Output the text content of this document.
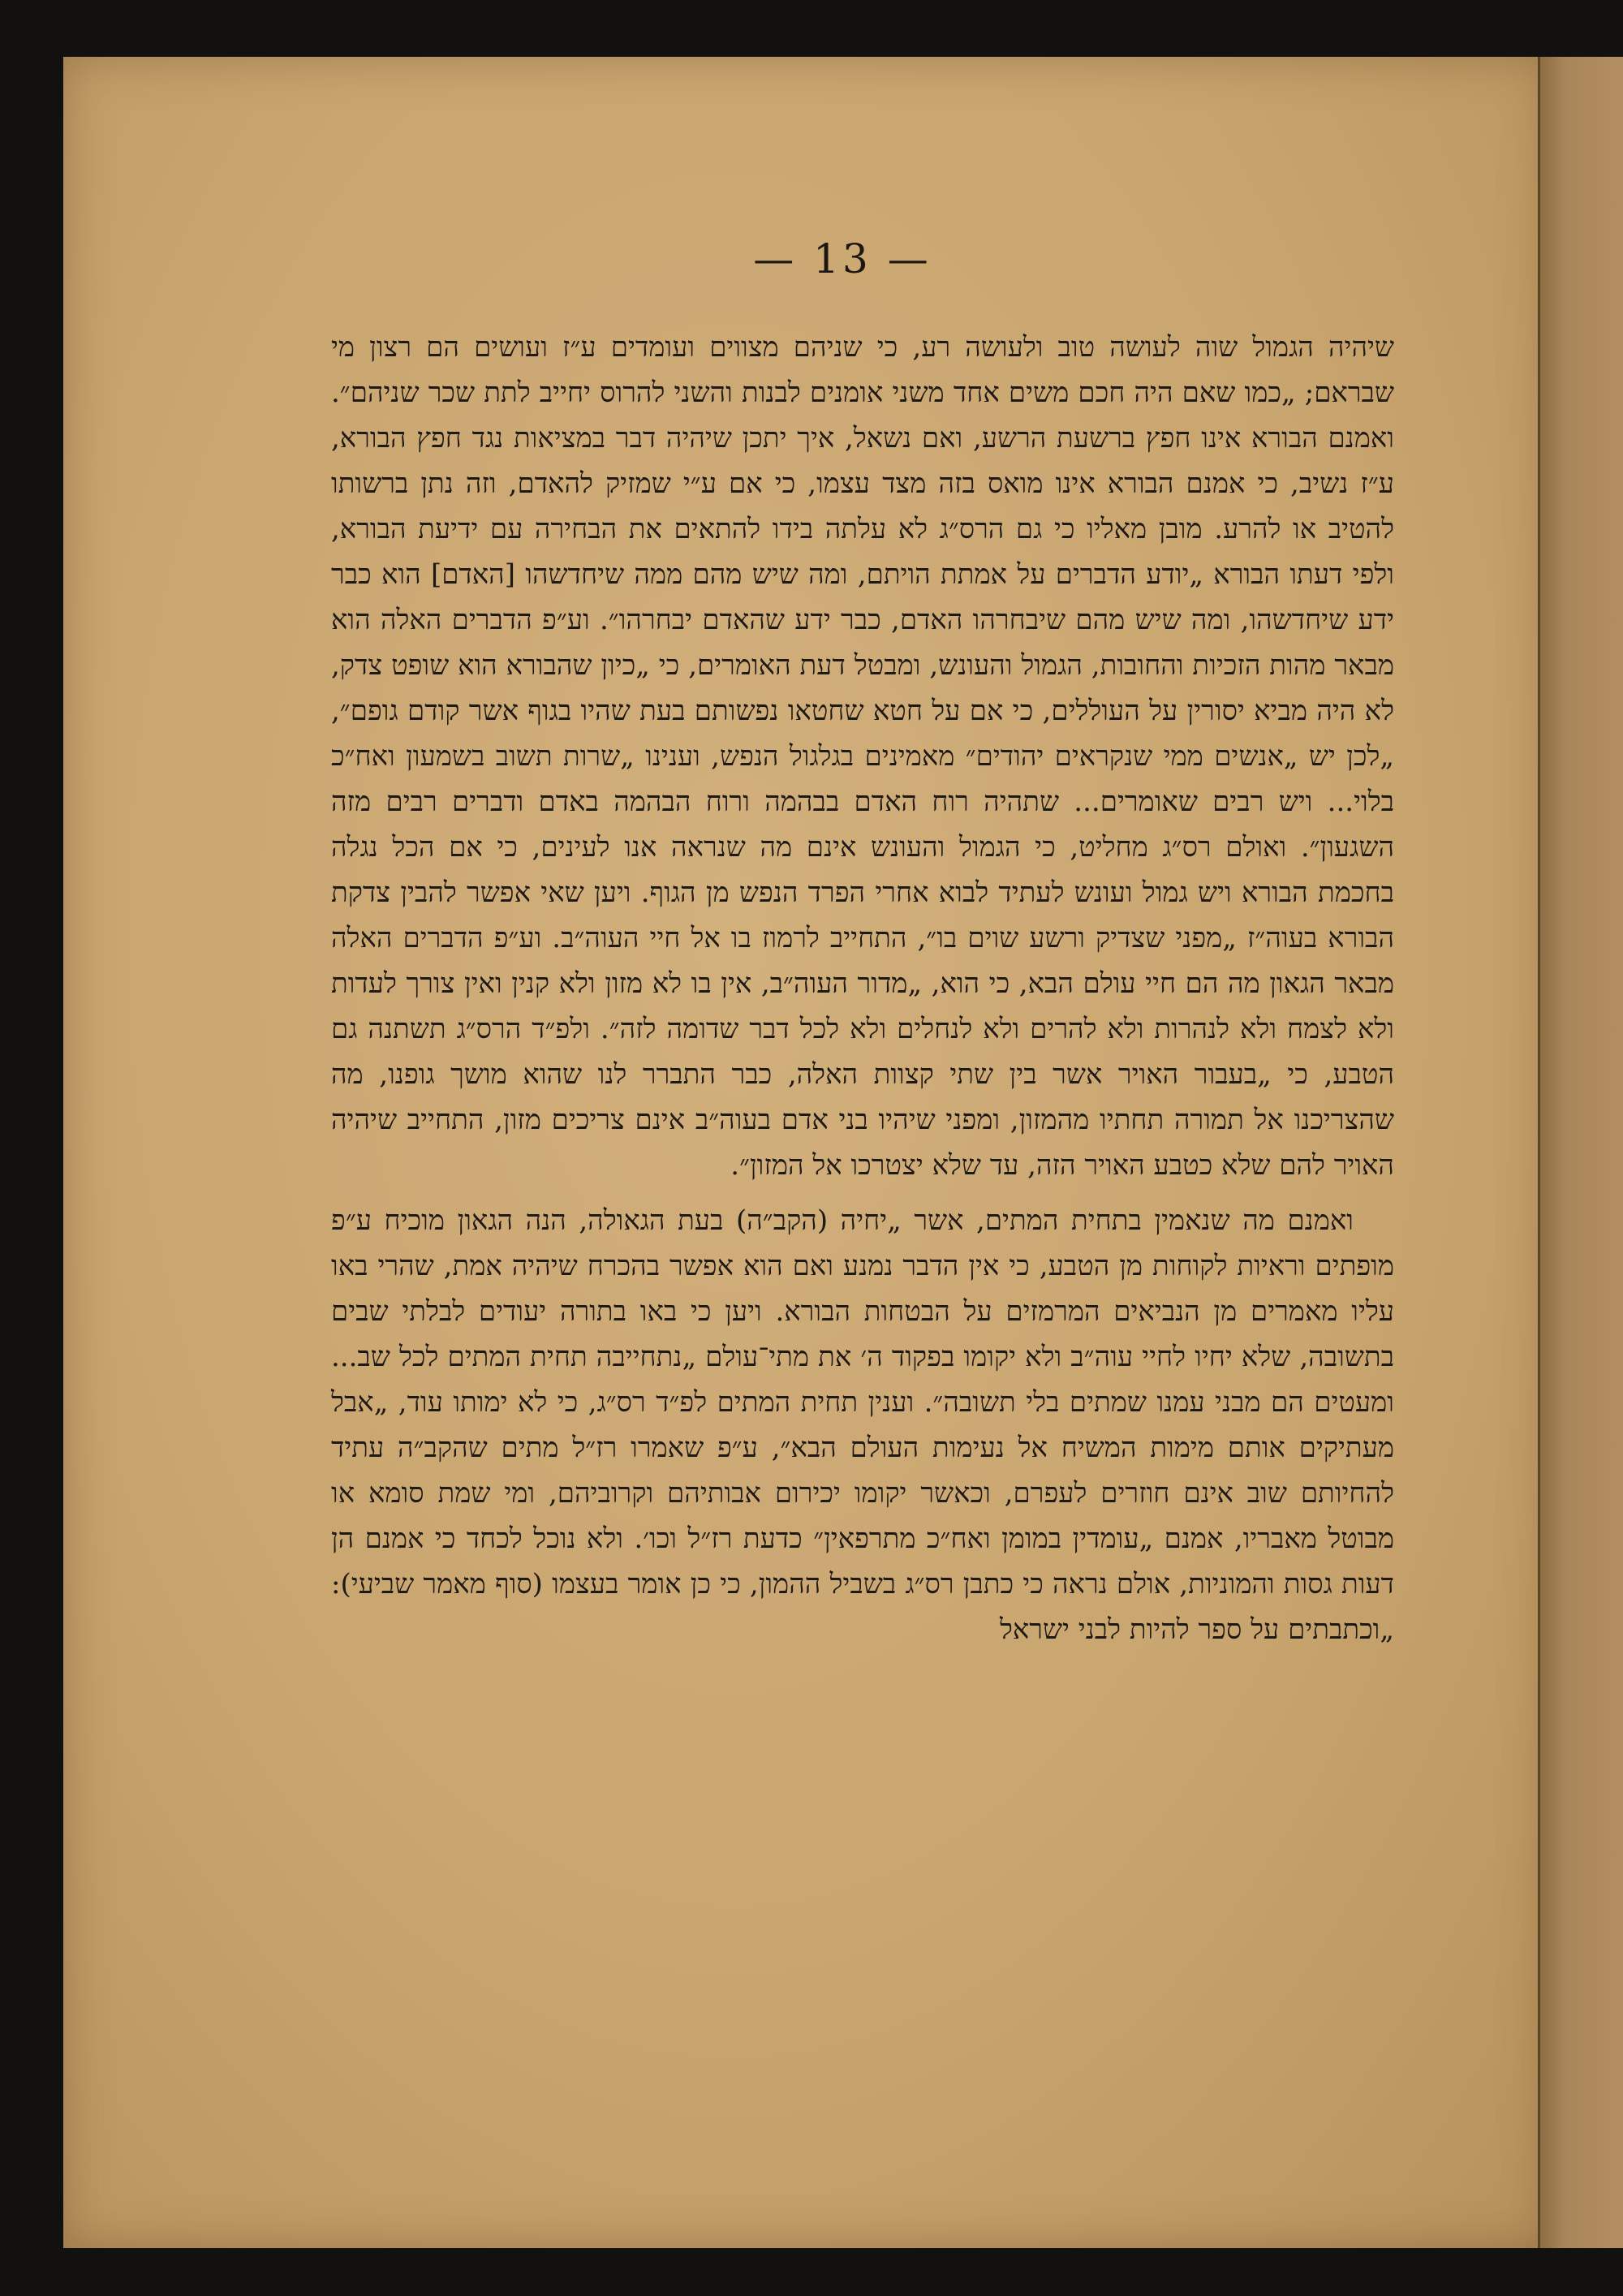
— 13 —

שיהיה הגמול שוה לעושה טוב ולעושה רע, כי שניהם מצווים ועומדים ע״ז ועושים הם רצון מי שבראם; „כמו שאם היה חכם משים אחד משני אומנים לבנות והשני להרוס יחייב לתת שכר שניהם״. ואמנם הבורא אינו חפץ ברשעת הרשע, ואם נשאל, איך יתכן שיהיה דבר במציאות נגד חפץ הבורא, ע״ז נשיב, כי אמנם הבורא אינו מואס בזה מצד עצמו, כי אם ע״י שמזיק להאדם, וזה נתן ברשותו להטיב או להרע. מובן מאליו כי גם הרס״ג לא עלתה בידו להתאים את הבחירה עם ידיעת הבורא, ולפי דעתו הבורא „יודע הדברים על אמתת הויתם, ומה שיש מהם ממה שיחדשהו [האדם] הוא כבר ידע שיחדשהו, ומה שיש מהם שיבחרהו האדם, כבר ידע שהאדם יבחרהו״. וע״פ הדברים האלה הוא מבאר מהות הזכיות והחובות, הגמול והעונש, ומבטל דעת האומרים, כי „כיון שהבורא הוא שופט צדק, לא היה מביא יסורין על העוללים, כי אם על חטא שחטאו נפשותם בעת שהיו בגוף אשר קודם גופם״, „לכן יש „אנשים ממי שנקראים יהודים״ מאמינים בגלגול הנפש, וענינו „שרות תשוב בשמעון ואח״כ בלוי... ויש רבים שאומרים... שתהיה רוח האדם בבהמה ורוח הבהמה באדם ודברים רבים מזה השגעון״. ואולם רס״ג מחליט, כי הגמול והעונש אינם מה שנראה אנו לעינים, כי אם הכל נגלה בחכמת הבורא ויש גמול ועונש לעתיד לבוא אחרי הפרד הנפש מן הגוף. ויען שאי אפשר להבין צדקת הבורא בעוה״ז „מפני שצדיק ורשע שוים בו״, התחייב לרמוז בו אל חיי העוה״ב. וע״פ הדברים האלה מבאר הגאון מה הם חיי עולם הבא, כי הוא, „מדור העוה״ב, אין בו לא מזון ולא קנין ואין צורך לעדות ולא לצמח ולא לנהרות ולא להרים ולא לנחלים ולא לכל דבר שדומה לזה״. ולפ״ד הרס״ג תשתנה גם הטבע, כי „בעבור האויר אשר בין שתי קצוות האלה, כבר התברר לנו שהוא מושך גופנו, מה שהצריכנו אל תמורה תחתיו מהמזון, ומפני שיהיו בני אדם בעוה״ב אינם צריכים מזון, התחייב שיהיה האויר להם שלא כטבע האויר הזה, עד שלא יצטרכו אל המזון״.

ואמנם מה שנאמין בתחית המתים, אשר „יחיה (הקב״ה) בעת הגאולה, הנה הגאון מוכיח ע״פ מופתים וראיות לקוחות מן הטבע, כי אין הדבר נמנע ואם הוא אפשר בהכרח שיהיה אמת, שהרי באו עליו מאמרים מן הנביאים המרמזים על הבטחות הבורא. ויען כי באו בתורה יעודים לבלתי שבים בתשובה, שלא יחיו לחיי עוה״ב ולא יקומו בפקוד ה׳ את מתי־עולם „נתחייבה תחית המתים לכל שב... ומעטים הם מבני עמנו שמתים בלי תשובה״. וענין תחית המתים לפ״ד רס״ג, כי לא ימותו עוד, „אבל מעתיקים אותם מימות המשיח אל נעימות העולם הבא״, ע״פ שאמרו רז״ל מתים שהקב״ה עתיד להחיותם שוב אינם חוזרים לעפרם, וכאשר יקומו יכירום אבותיהם וקרוביהם, ומי שמת סומא או מבוטל מאבריו, אמנם „עומדין במומן ואח״כ מתרפאין״ כדעת רז״ל וכו׳. ולא נוכל לכחד כי אמנם הן דעות גסות והמוניות, אולם נראה כי כתבן רס״ג בשביל ההמון, כי כן אומר בעצמו (סוף מאמר שביעי): „וכתבתים על ספר להיות לבני ישראל
